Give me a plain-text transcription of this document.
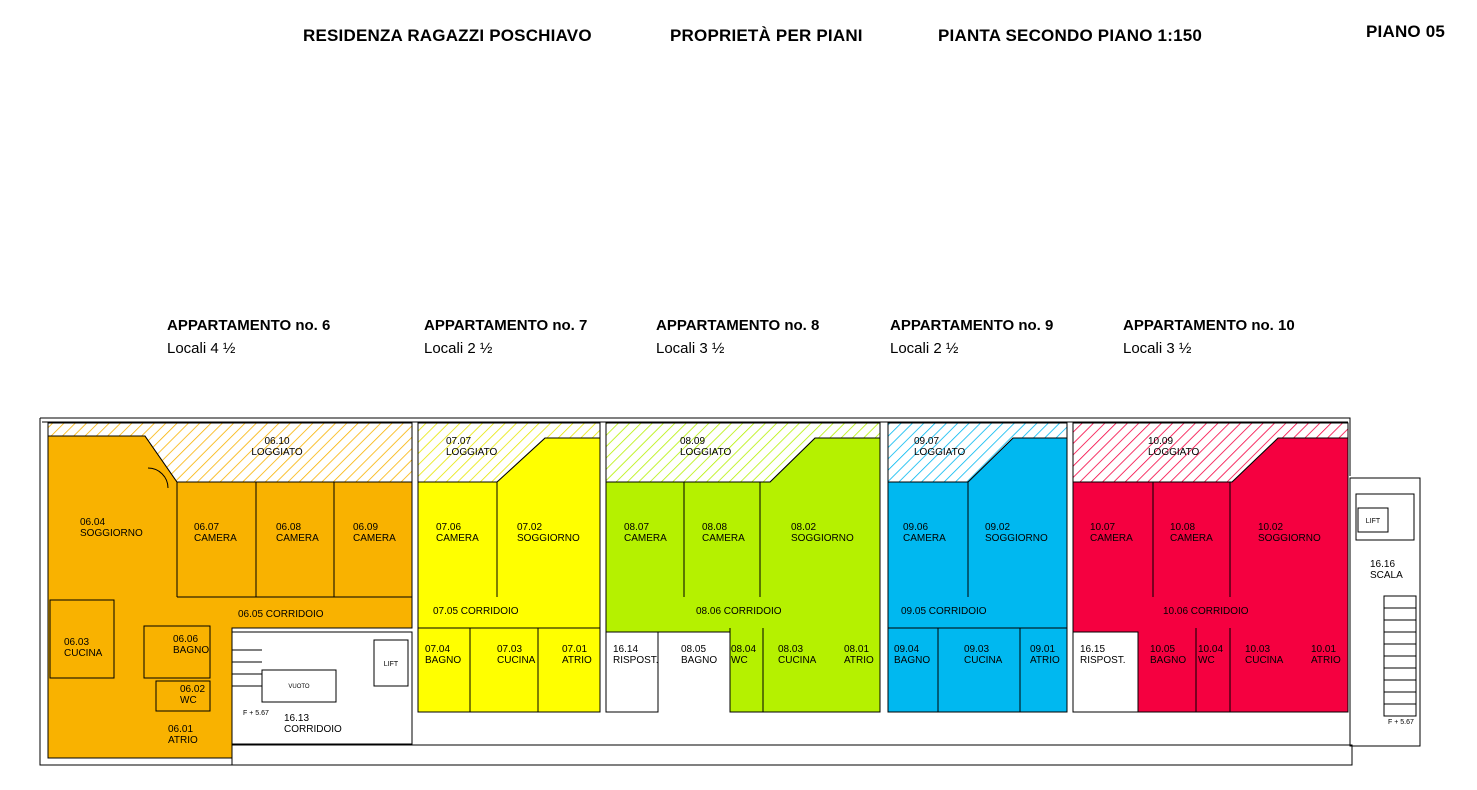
RESIDENZA RAGAZZI POSCHIAVO	PROPRIETÀ PER PIANI	PIANTA SECONDO PIANO 1:150	PIANO 05
APPARTAMENTO no. 6
Locali 4 ½
APPARTAMENTO no. 7
Locali 2 ½
APPARTAMENTO no. 8
Locali 3 ½
APPARTAMENTO no. 9
Locali 2 ½
APPARTAMENTO no. 10
Locali 3 ½
06.10 LOGGIATO
06.04 SOGGIORNO
06.07 CAMERA
06.08 CAMERA
06.09 CAMERA
06.05 CORRIDOIO
06.03 CUCINA
06.06 BAGNO
06.02 WC
06.01 ATRIO
16.13 CORRIDOIO
VUOTO
LIFT
F + 5.67
07.07 LOGGIATO
07.06 CAMERA
07.02 SOGGIORNO
07.05 CORRIDOIO
07.04 BAGNO
07.03 CUCINA
07.01 ATRIO
08.09 LOGGIATO
08.07 CAMERA
08.08 CAMERA
08.02 SOGGIORNO
08.06 CORRIDOIO
16.14 RISPOST.
08.05 BAGNO
08.04 WC
08.03 CUCINA
08.01 ATRIO
09.07 LOGGIATO
09.06 CAMERA
09.02 SOGGIORNO
09.05 CORRIDOIO
09.04 BAGNO
09.03 CUCINA
09.01 ATRIO
10.09 LOGGIATO
10.07 CAMERA
10.08 CAMERA
10.02 SOGGIORNO
10.06 CORRIDOIO
16.15 RISPOST.
10.05 BAGNO
10.04 WC
10.03 CUCINA
10.01 ATRIO
LIFT
16.16 SCALA
F + 5.67
